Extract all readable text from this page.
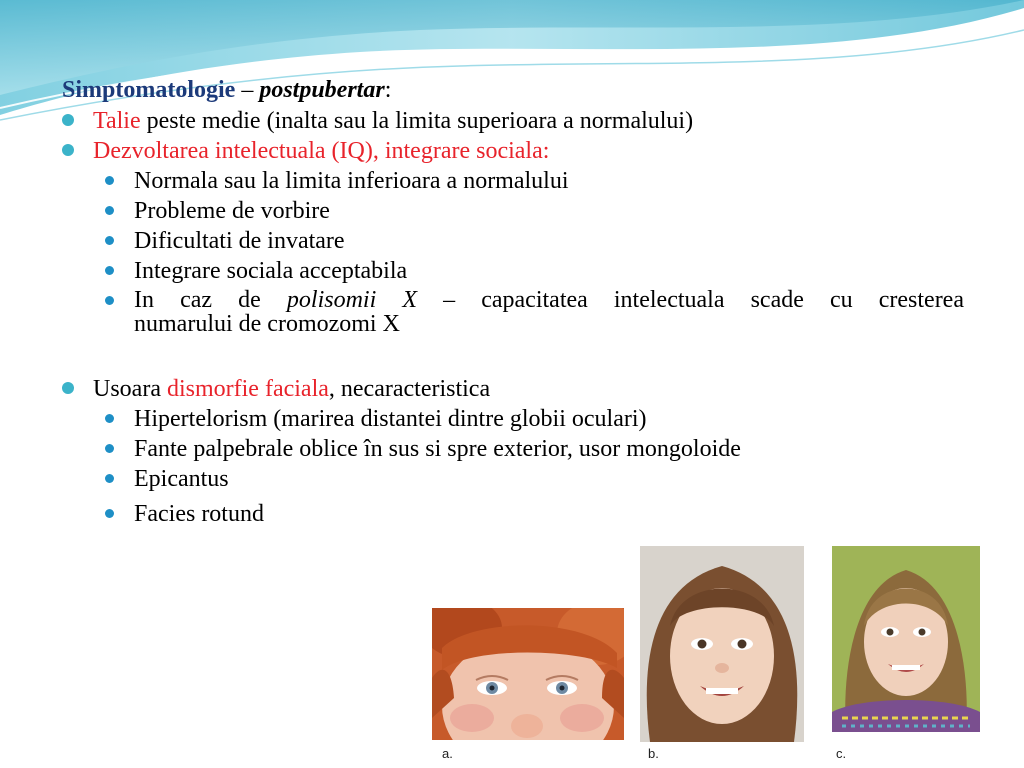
Simptomatologie – postpubertar:
Talie peste medie (inalta sau la limita superioara a normalului)
Dezvoltarea intelectuala (IQ), integrare sociala:
Normala sau la limita inferioara a normalului
Probleme de vorbire
Dificultati de invatare
Integrare sociala acceptabila
In caz de polisomii X – capacitatea intelectuala scade cu cresterea
numarului de cromozomi X
Usoara dismorfie faciala, necaracteristica
Hipertelorism (marirea distantei dintre globii oculari)
Fante palpebrale oblice în sus si spre exterior, usor mongoloide
Epicantus
Facies rotund
a.	b.	c.
